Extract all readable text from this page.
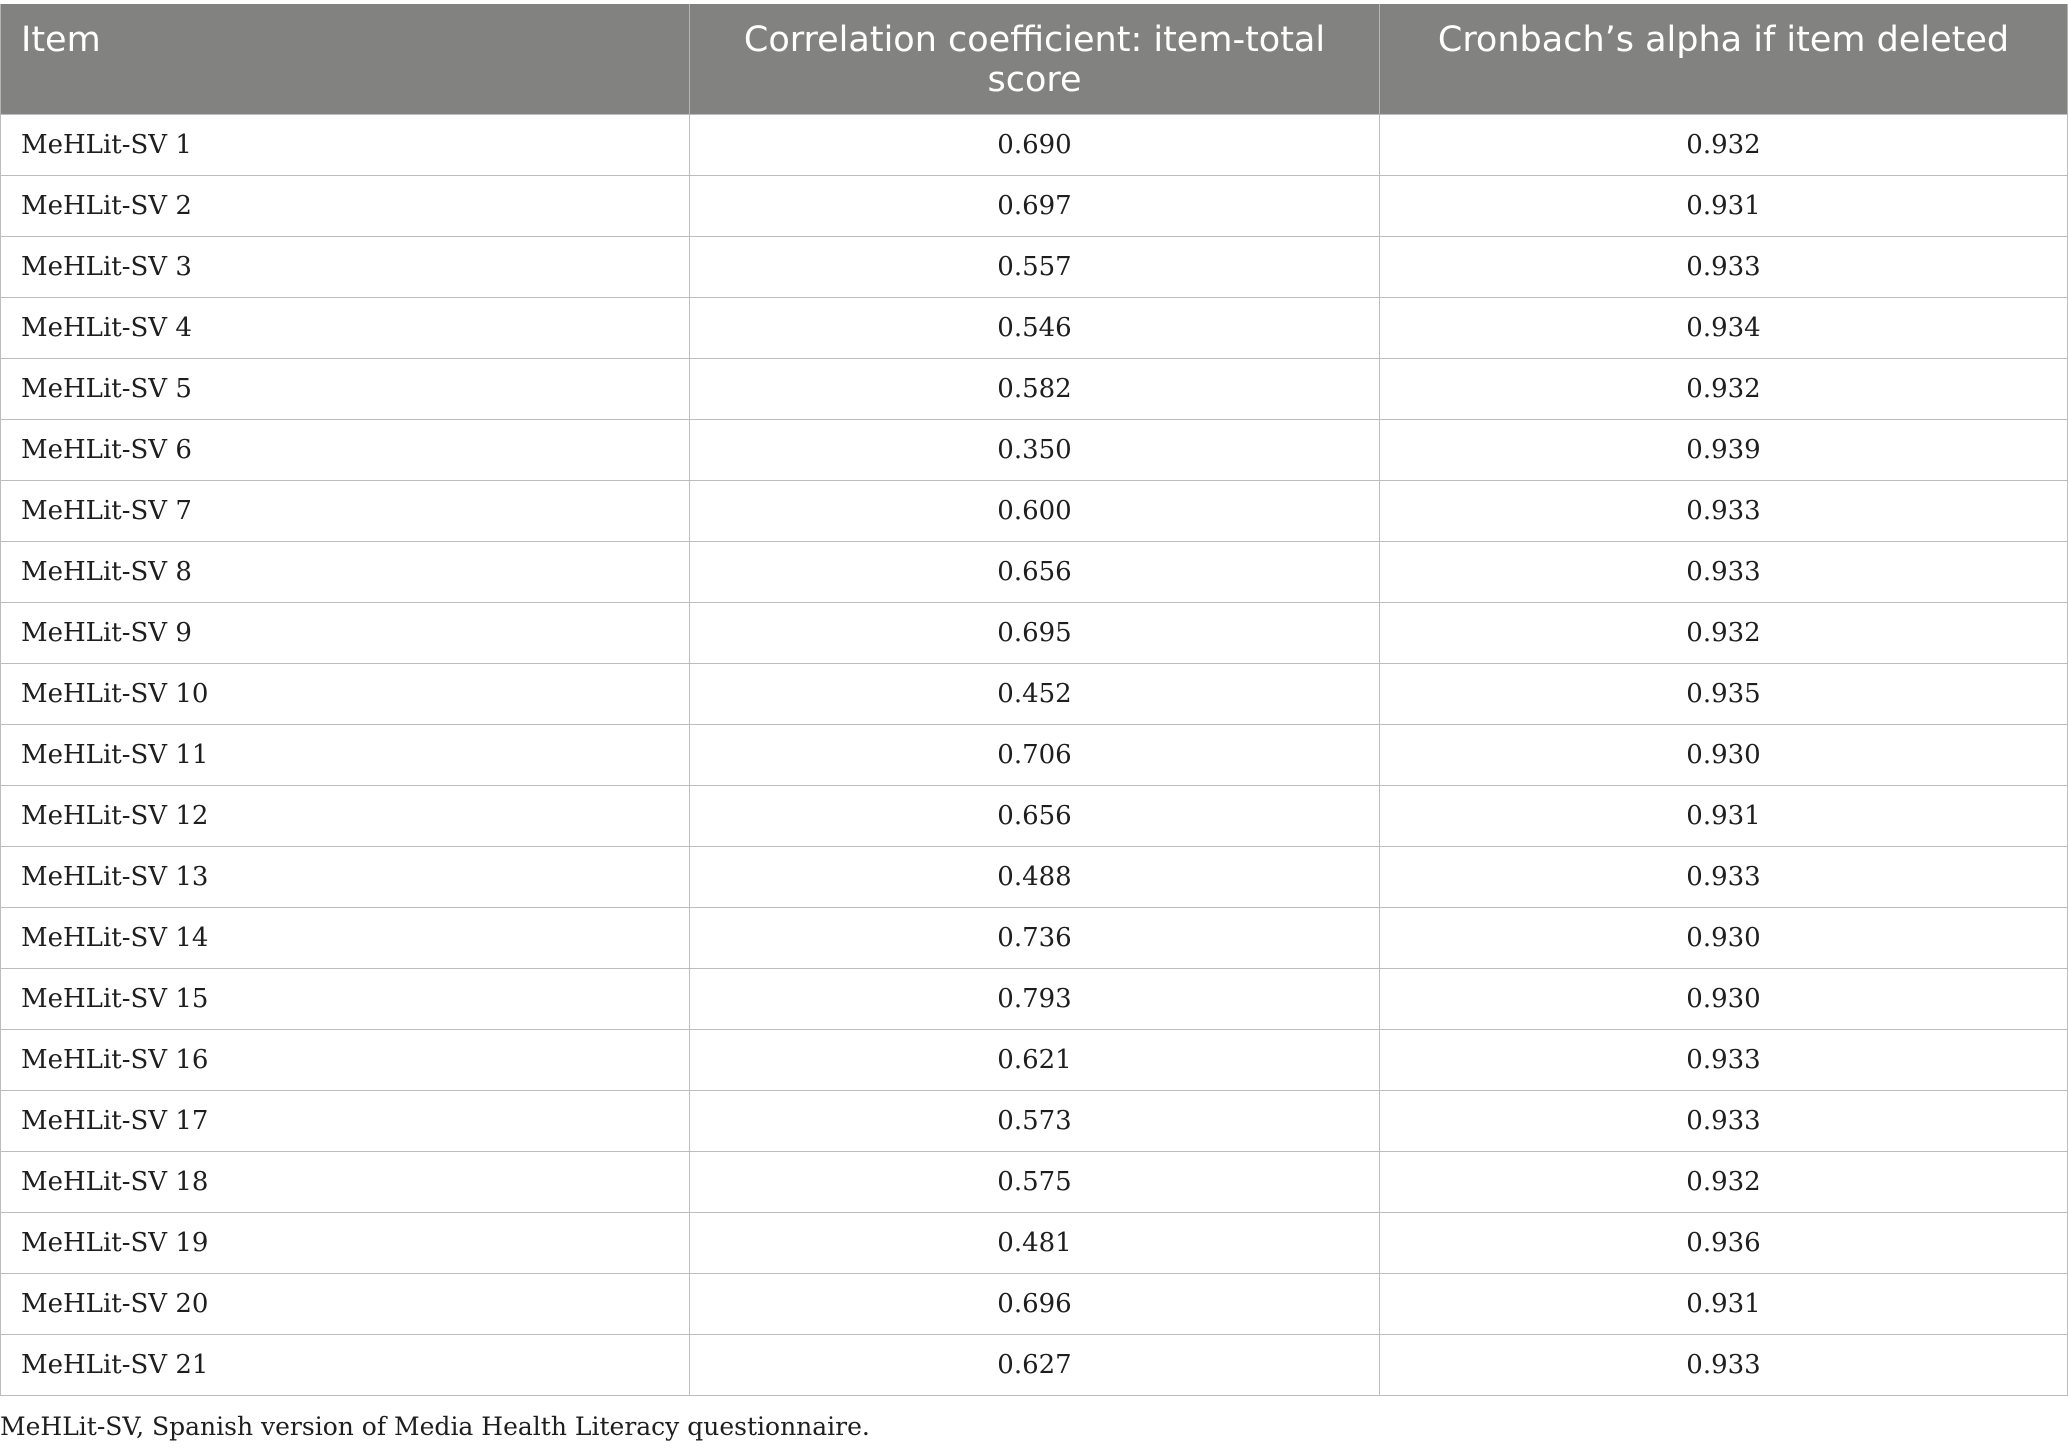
Item	Correlation coefficient: item-total score	Cronbach’s alpha if item deleted
MeHLit-SV 1	0.690	0.932
MeHLit-SV 2	0.697	0.931
MeHLit-SV 3	0.557	0.933
MeHLit-SV 4	0.546	0.934
MeHLit-SV 5	0.582	0.932
MeHLit-SV 6	0.350	0.939
MeHLit-SV 7	0.600	0.933
MeHLit-SV 8	0.656	0.933
MeHLit-SV 9	0.695	0.932
MeHLit-SV 10	0.452	0.935
MeHLit-SV 11	0.706	0.930
MeHLit-SV 12	0.656	0.931
MeHLit-SV 13	0.488	0.933
MeHLit-SV 14	0.736	0.930
MeHLit-SV 15	0.793	0.930
MeHLit-SV 16	0.621	0.933
MeHLit-SV 17	0.573	0.933
MeHLit-SV 18	0.575	0.932
MeHLit-SV 19	0.481	0.936
MeHLit-SV 20	0.696	0.931
MeHLit-SV 21	0.627	0.933
MeHLit-SV, Spanish version of Media Health Literacy questionnaire.
